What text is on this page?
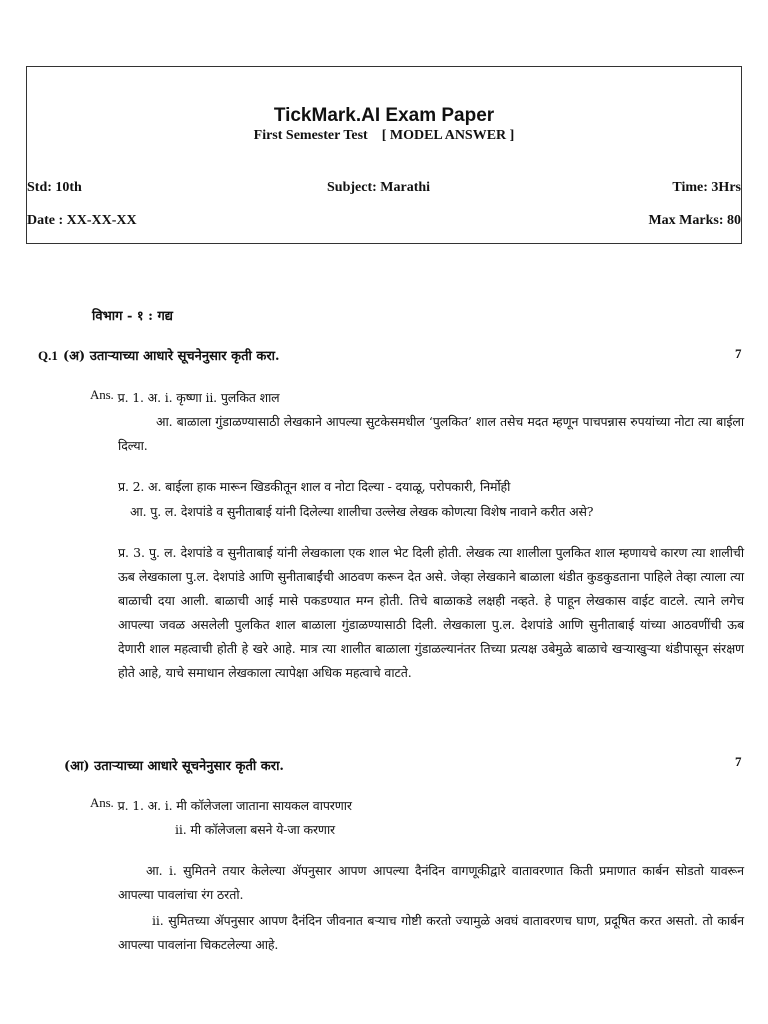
TickMark.AI Exam Paper
First Semester Test    [ MODEL ANSWER ]
Std: 10th	Subject: Marathi	Time: 3Hrs
Date : XX-XX-XX	Max Marks: 80
विभाग - १ : गद्य
Q.1 (अ) उताऱ्याच्या आधारे सूचनेनुसार कृती करा.	7
Ans. प्र. 1. अ. i. कृष्णा ii. पुलकित शाल
आ. बाळाला गुंडाळण्यासाठी लेखकाने आपल्या सुटकेसमधील ‘पुलकित’ शाल तसेच मदत म्हणून पाचपन्नास रुपयांच्या नोटा त्या बाईला दिल्या.
प्र. 2. अ. बाईला हाक मारून खिडकीतून शाल व नोटा दिल्या - दयाळू, परोपकारी, निर्मोही
आ. पु. ल. देशपांडे व सुनीताबाई यांनी दिलेल्या शालीचा उल्लेख लेखक कोणत्या विशेष नावाने करीत असे?
प्र. 3. पु. ल. देशपांडे व सुनीताबाई यांनी लेखकाला एक शाल भेट दिली होती. लेखक त्या शालीला पुलकित शाल म्हणायचे कारण त्या शालीची ऊब लेखकाला पु.ल. देशपांडे आणि सुनीताबाईंची आठवण करून देत असे. जेव्हा लेखकाने बाळाला थंडीत कुडकुडताना पाहिले तेव्हा त्याला त्या बाळाची दया आली. बाळाची आई मासे पकडण्यात मग्न होती. तिचे बाळाकडे लक्षही नव्हते. हे पाहून लेखकास वाईट वाटले. त्याने लगेच आपल्या जवळ असलेली पुलकित शाल बाळाला गुंडाळण्यासाठी दिली. लेखकाला पु.ल. देशपांडे आणि सुनीताबाई यांच्या आठवणींची ऊब देणारी शाल महत्वाची होती हे खरे आहे. मात्र त्या शालीत बाळाला गुंडाळल्यानंतर तिच्या प्रत्यक्ष उबेमुळे बाळाचे खऱ्याखुऱ्या थंडीपासून संरक्षण होते आहे, याचे समाधान लेखकाला त्यापेक्षा अधिक महत्वाचे वाटते.
(आ) उताऱ्याच्या आधारे सूचनेनुसार कृती करा.	7
Ans. प्र. 1. अ. i. मी कॉलेजला जाताना सायकल वापरणार
ii. मी कॉलेजला बसने ये-जा करणार
आ. i. सुमितने तयार केलेल्या ॲपनुसार आपण आपल्या दैनंदिन वागणूकीद्वारे वातावरणात किती प्रमाणात कार्बन सोडतो यावरून आपल्या पावलांचा रंग ठरतो.
ii. सुमितच्या ॲपनुसार आपण दैनंदिन जीवनात बऱ्याच गोष्टी करतो ज्यामुळे अवघं वातावरणच घाण, प्रदूषित करत असतो. तो कार्बन आपल्या पावलांना चिकटलेल्या आहे.
